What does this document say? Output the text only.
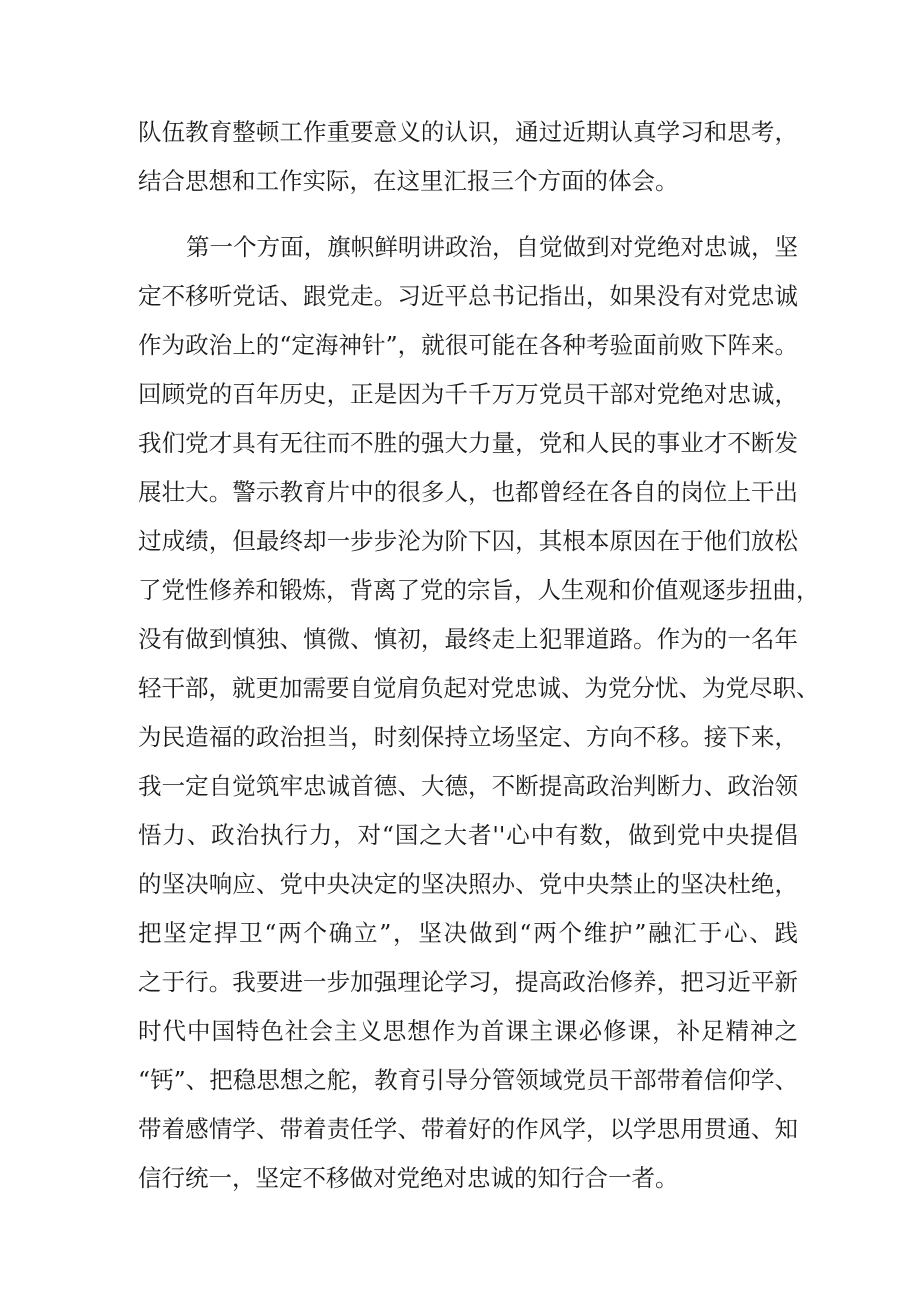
队伍教育整顿工作重要意义的认识，通过近期认真学习和思考，
结合思想和工作实际，在这里汇报三个方面的体会。
第一个方面，旗帜鲜明讲政治，自觉做到对党绝对忠诚，坚
定不移听党话、跟党走。习近平总书记指出，如果没有对党忠诚
作为政治上的“定海神针”，就很可能在各种考验面前败下阵来。
回顾党的百年历史，正是因为千千万万党员干部对党绝对忠诚，
我们党才具有无往而不胜的强大力量，党和人民的事业才不断发
展壮大。警示教育片中的很多人，也都曾经在各自的岗位上干出
过成绩，但最终却一步步沦为阶下囚，其根本原因在于他们放松
了党性修养和锻炼，背离了党的宗旨，人生观和价值观逐步扭曲，
没有做到慎独、慎微、慎初，最终走上犯罪道路。作为的一名年
轻干部，就更加需要自觉肩负起对党忠诚、为党分忧、为党尽职、
为民造福的政治担当，时刻保持立场坚定、方向不移。接下来，
我一定自觉筑牢忠诚首德、大德，不断提高政治判断力、政治领
悟力、政治执行力，对“国之大者''心中有数，做到党中央提倡
的坚决响应、党中央决定的坚决照办、党中央禁止的坚决杜绝，
把坚定捍卫“两个确立”，坚决做到“两个维护”融汇于心、践
之于行。我要进一步加强理论学习，提高政治修养，把习近平新
时代中国特色社会主义思想作为首课主课必修课，补足精神之
“钙”、把稳思想之舵，教育引导分管领域党员干部带着信仰学、
带着感情学、带着责任学、带着好的作风学，以学思用贯通、知
信行统一，坚定不移做对党绝对忠诚的知行合一者。
